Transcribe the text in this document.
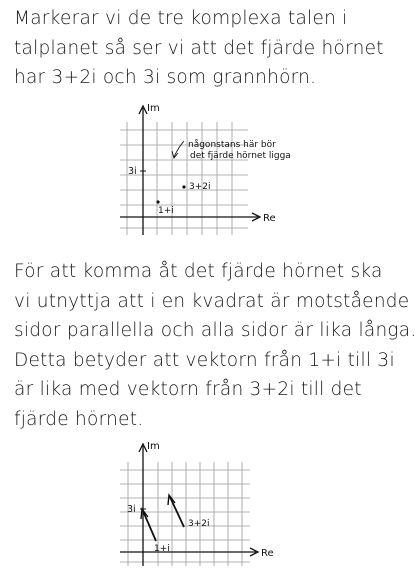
Markerar vi de tre komplexa talen i
talplanet så ser vi att det fjärde hörnet
har 3+2i och 3i som grannhörn.
Im
Re
3i
1+i
3+2i
någonstans här bör
det fjärde hörnet ligga
För att komma åt det fjärde hörnet ska
vi utnyttja att i en kvadrat är motstående
sidor parallella och alla sidor är lika långa.
Detta betyder att vektorn från 1+i till 3i
är lika med vektorn från 3+2i till det
fjärde hörnet.
Im
Re
3i
1+i
3+2i
